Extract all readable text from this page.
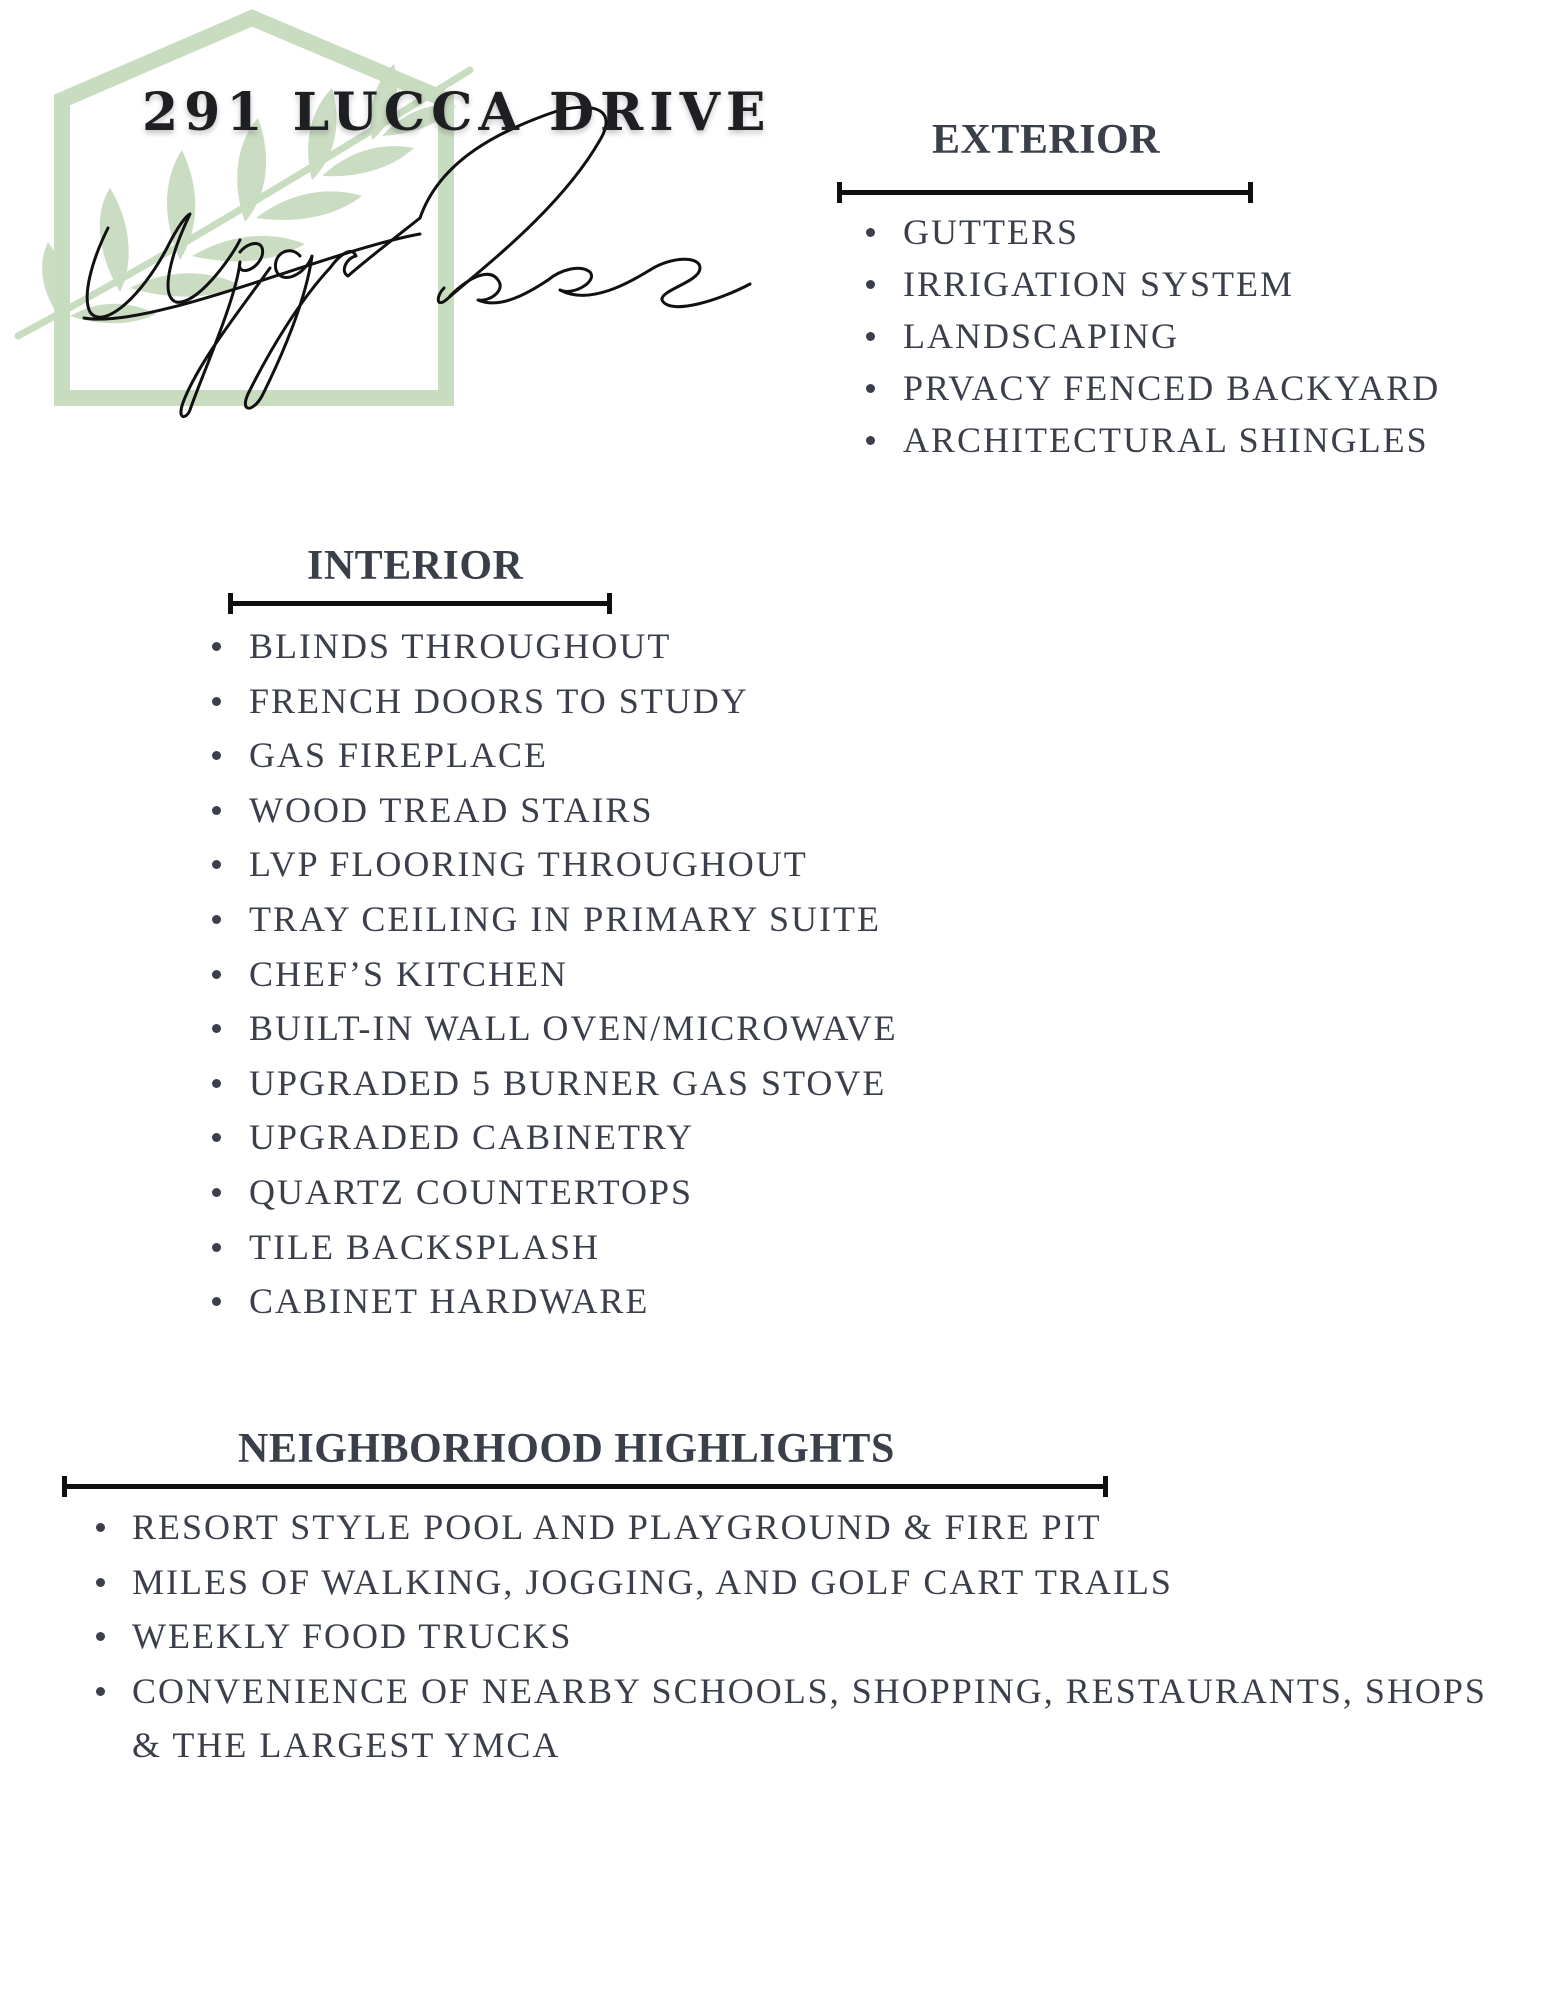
291 LUCCA DRIVE	EXTERIOR
GUTTERS
IRRIGATION SYSTEM
LANDSCAPING
PRVACY FENCED BACKYARD
ARCHITECTURAL SHINGLES
INTERIOR
BLINDS THROUGHOUT
FRENCH DOORS TO STUDY
GAS FIREPLACE
WOOD TREAD STAIRS
LVP FLOORING THROUGHOUT
TRAY CEILING IN PRIMARY SUITE
CHEF’S KITCHEN
BUILT-IN WALL OVEN/MICROWAVE
UPGRADED 5 BURNER GAS STOVE
UPGRADED CABINETRY
QUARTZ COUNTERTOPS
TILE BACKSPLASH
CABINET HARDWARE
NEIGHBORHOOD HIGHLIGHTS
RESORT STYLE POOL AND PLAYGROUND & FIRE PIT
MILES OF WALKING, JOGGING, AND GOLF CART TRAILS
WEEKLY FOOD TRUCKS
CONVENIENCE OF NEARBY SCHOOLS, SHOPPING, RESTAURANTS, SHOPS & THE LARGEST YMCA
